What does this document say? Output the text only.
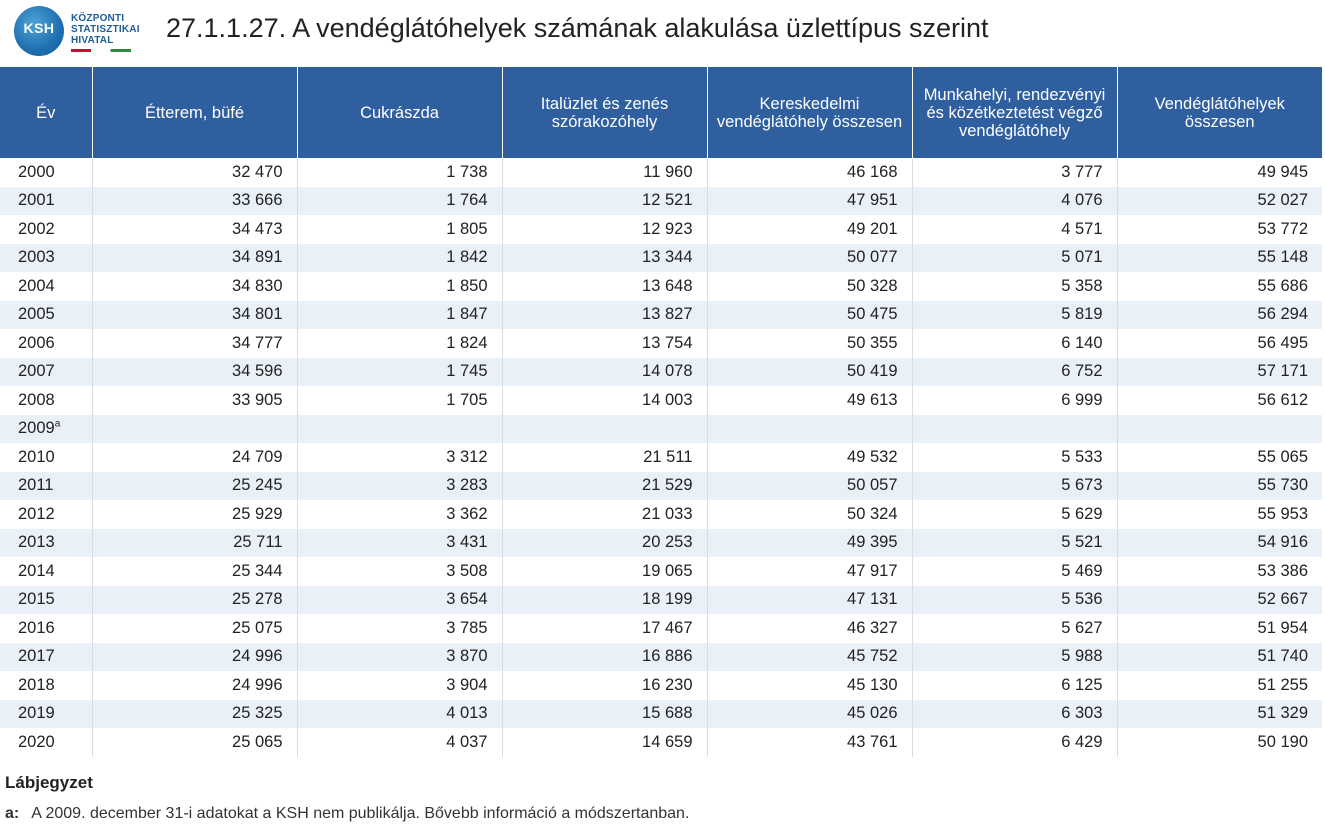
KSH
KÖZPONTI
STATISZTIKAI
HIVATAL	27.1.1.27. A vendéglátóhelyek számának alakulása üzlettípus szerint
Év	Étterem, büfé	Cukrászda	Italüzlet és zenés szórakozóhely	Kereskedelmi vendéglátóhely összesen	Munkahelyi, rendezvényi és közétkeztetést végző vendéglátóhely	Vendéglátóhelyek összesen
2000	32 470	1 738	11 960	46 168	3 777	49 945
2001	33 666	1 764	12 521	47 951	4 076	52 027
2002	34 473	1 805	12 923	49 201	4 571	53 772
2003	34 891	1 842	13 344	50 077	5 071	55 148
2004	34 830	1 850	13 648	50 328	5 358	55 686
2005	34 801	1 847	13 827	50 475	5 819	56 294
2006	34 777	1 824	13 754	50 355	6 140	56 495
2007	34 596	1 745	14 078	50 419	6 752	57 171
2008	33 905	1 705	14 003	49 613	6 999	56 612
2009$^a$						
2010	24 709	3 312	21 511	49 532	5 533	55 065
2011	25 245	3 283	21 529	50 057	5 673	55 730
2012	25 929	3 362	21 033	50 324	5 629	55 953
2013	25 711	3 431	20 253	49 395	5 521	54 916
2014	25 344	3 508	19 065	47 917	5 469	53 386
2015	25 278	3 654	18 199	47 131	5 536	52 667
2016	25 075	3 785	17 467	46 327	5 627	51 954
2017	24 996	3 870	16 886	45 752	5 988	51 740
2018	24 996	3 904	16 230	45 130	6 125	51 255
2019	25 325	4 013	15 688	45 026	6 303	51 329
2020	25 065	4 037	14 659	43 761	6 429	50 190
Lábjegyzet
a: A 2009. december 31-i adatokat a KSH nem publikálja. Bővebb információ a módszertanban.
